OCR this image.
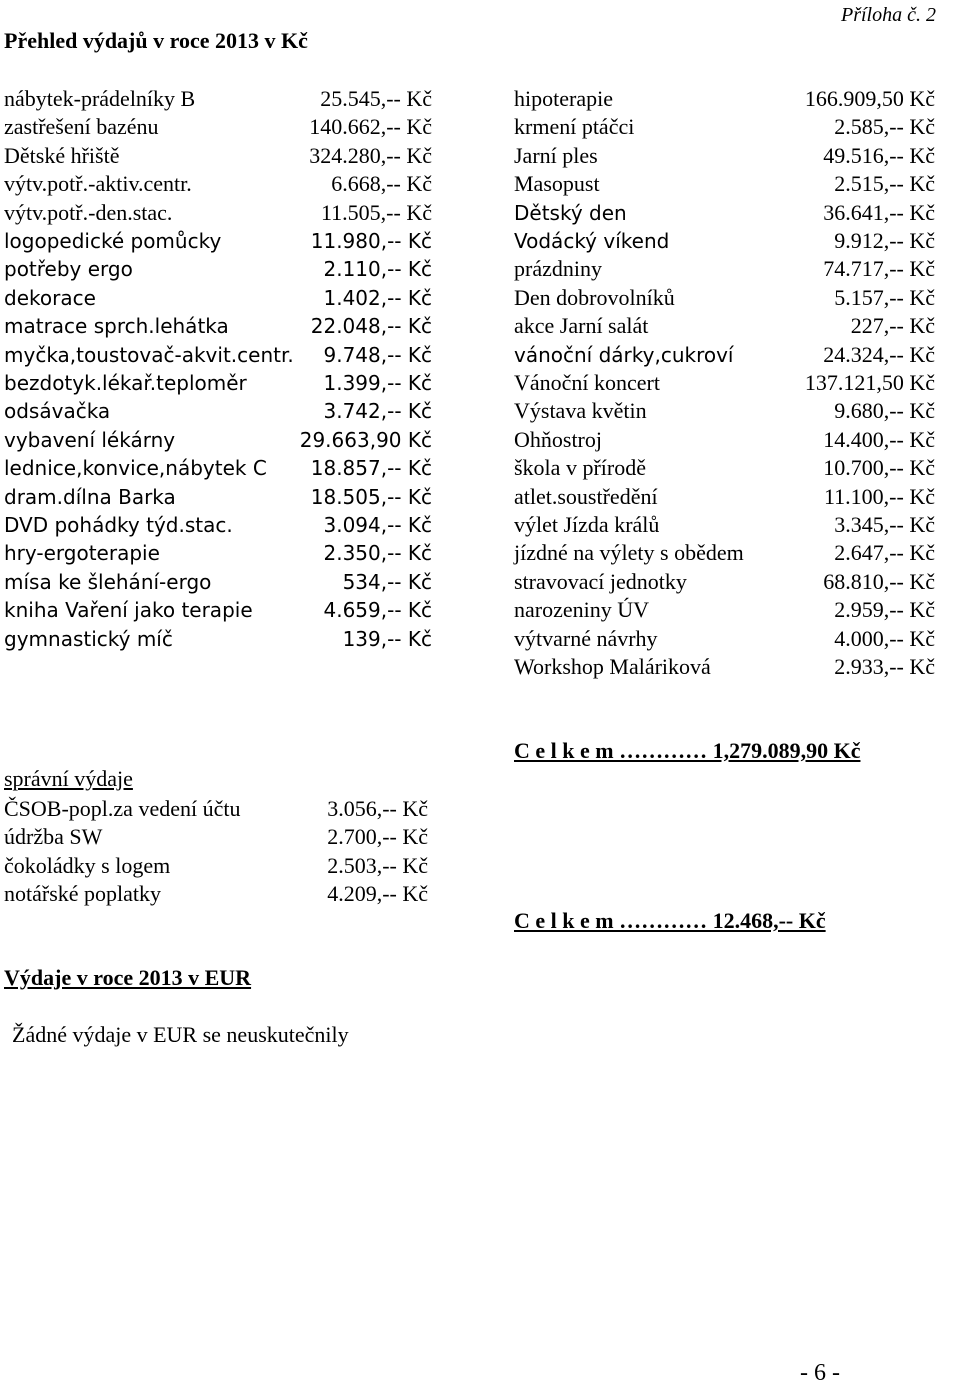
Příloha č. 2
Přehled výdajů v roce 2013 v Kč
nábytek-prádelníky B	25.545,-- Kč
zastřešení bazénu	140.662,-- Kč
Dětské hřiště	324.280,-- Kč
výtv.potř.-aktiv.centr.	6.668,-- Kč
výtv.potř.-den.stac.	11.505,-- Kč
logopedické pomůcky	11.980,-- Kč
potřeby ergo	2.110,-- Kč
dekorace	1.402,-- Kč
matrace sprch.lehátka	22.048,-- Kč
myčka,toustovač-akvit.centr. 9.748,-- Kč
bezdotyk.lékař.teploměr	1.399,-- Kč
odsávačka	3.742,-- Kč
vybavení lékárny	29.663,90 Kč
lednice,konvice,nábytek C 18.857,-- Kč
dram.dílna Barka	18.505,-- Kč
DVD pohádky týd.stac.	3.094,-- Kč
hry-ergoterapie	2.350,-- Kč
mísa ke šlehání-ergo	534,-- Kč
kniha Vaření jako terapie	4.659,-- Kč
gymnastický míč	139,-- Kč
hipoterapie	166.909,50 Kč
krmení ptáčci	2.585,-- Kč
Jarní ples	49.516,-- Kč
Masopust	2.515,-- Kč
Dětský den	36.641,-- Kč
Vodácký víkend	9.912,-- Kč
prázdniny	74.717,-- Kč
Den dobrovolníků	5.157,-- Kč
akce Jarní salát	227,-- Kč
vánoční dárky,cukroví	24.324,-- Kč
Vánoční koncert	137.121,50 Kč
Výstava květin	9.680,-- Kč
Ohňostroj	14.400,-- Kč
škola v přírodě	10.700,-- Kč
atlet.soustředění	11.100,-- Kč
výlet Jízda králů	3.345,-- Kč
jízdné na výlety s obědem	2.647,-- Kč
stravovací jednotky	68.810,-- Kč
narozeniny ÚV	2.959,-- Kč
výtvarné návrhy	4.000,-- Kč
Workshop Maláriková	2.933,-- Kč
C e l k e m ………… 1,279.089,90 Kč
správní výdaje
ČSOB-popl.za vedení účtu	3.056,-- Kč
údržba SW	2.700,-- Kč
čokoládky s logem	2.503,-- Kč
notářské poplatky	4.209,-- Kč
C e l k e m ………… 12.468,-- Kč
Výdaje v roce 2013 v EUR
Žádné výdaje v EUR se neuskutečnily
- 6 -
